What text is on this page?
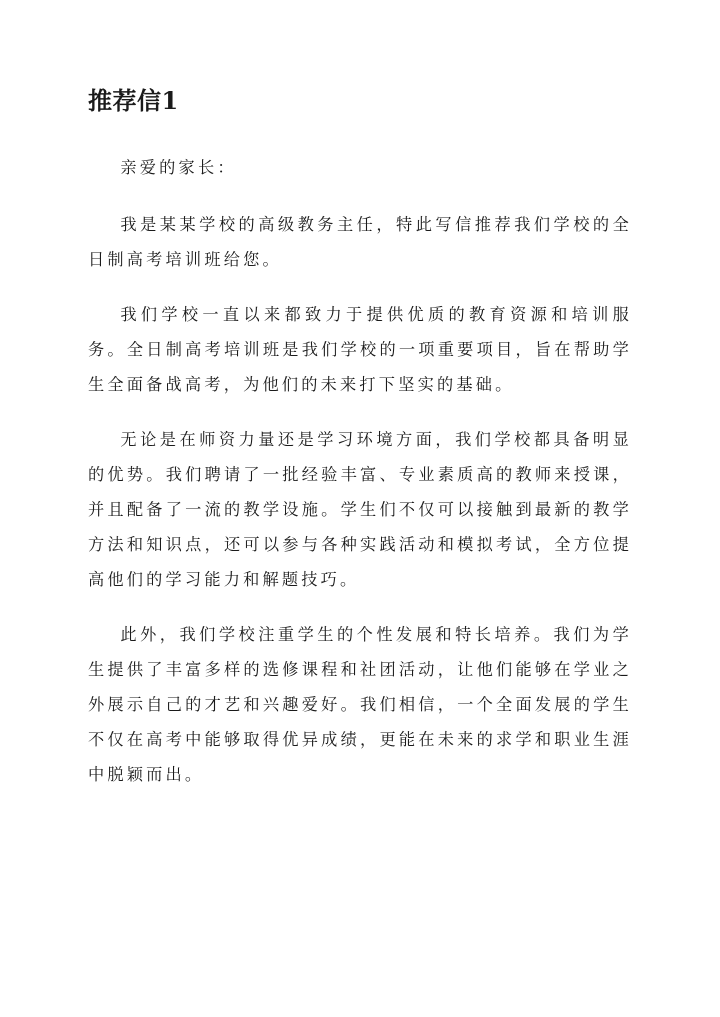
推荐信1

亲爱的家长：

我是某某学校的高级教务主任，特此写信推荐我们学校的全日制高考培训班给您。

我们学校一直以来都致力于提供优质的教育资源和培训服务。全日制高考培训班是我们学校的一项重要项目，旨在帮助学生全面备战高考，为他们的未来打下坚实的基础。

无论是在师资力量还是学习环境方面，我们学校都具备明显的优势。我们聘请了一批经验丰富、专业素质高的教师来授课，并且配备了一流的教学设施。学生们不仅可以接触到最新的教学方法和知识点，还可以参与各种实践活动和模拟考试，全方位提高他们的学习能力和解题技巧。

此外，我们学校注重学生的个性发展和特长培养。我们为学生提供了丰富多样的选修课程和社团活动，让他们能够在学业之外展示自己的才艺和兴趣爱好。我们相信，一个全面发展的学生不仅在高考中能够取得优异成绩，更能在未来的求学和职业生涯中脱颖而出。
